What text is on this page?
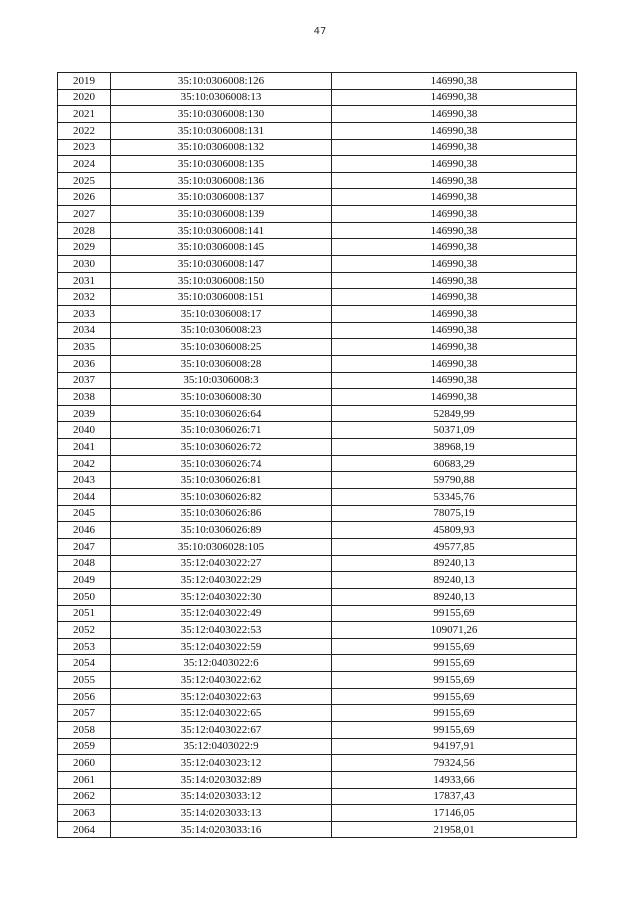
47
2019	35:10:0306008:126	146990,38
2020	35:10:0306008:13	146990,38
2021	35:10:0306008:130	146990,38
2022	35:10:0306008:131	146990,38
2023	35:10:0306008:132	146990,38
2024	35:10:0306008:135	146990,38
2025	35:10:0306008:136	146990,38
2026	35:10:0306008:137	146990,38
2027	35:10:0306008:139	146990,38
2028	35:10:0306008:141	146990,38
2029	35:10:0306008:145	146990,38
2030	35:10:0306008:147	146990,38
2031	35:10:0306008:150	146990,38
2032	35:10:0306008:151	146990,38
2033	35:10:0306008:17	146990,38
2034	35:10:0306008:23	146990,38
2035	35:10:0306008:25	146990,38
2036	35:10:0306008:28	146990,38
2037	35:10:0306008:3	146990,38
2038	35:10:0306008:30	146990,38
2039	35:10:0306026:64	52849,99
2040	35:10:0306026:71	50371,09
2041	35:10:0306026:72	38968,19
2042	35:10:0306026:74	60683,29
2043	35:10:0306026:81	59790,88
2044	35:10:0306026:82	53345,76
2045	35:10:0306026:86	78075,19
2046	35:10:0306026:89	45809,93
2047	35:10:0306028:105	49577,85
2048	35:12:0403022:27	89240,13
2049	35:12:0403022:29	89240,13
2050	35:12:0403022:30	89240,13
2051	35:12:0403022:49	99155,69
2052	35:12:0403022:53	109071,26
2053	35:12:0403022:59	99155,69
2054	35:12:0403022:6	99155,69
2055	35:12:0403022:62	99155,69
2056	35:12:0403022:63	99155,69
2057	35:12:0403022:65	99155,69
2058	35:12:0403022:67	99155,69
2059	35:12:0403022:9	94197,91
2060	35:12:0403023:12	79324,56
2061	35:14:0203032:89	14933,66
2062	35:14:0203033:12	17837,43
2063	35:14:0203033:13	17146,05
2064	35:14:0203033:16	21958,01
